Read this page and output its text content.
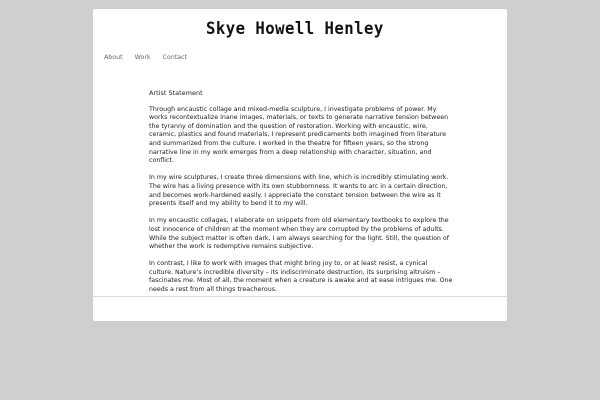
Skye Howell Henley
About Work Contact
Artist Statement

Through encaustic collage and mixed-media sculpture, I investigate problems of power. My works recontextualize inane images, materials, or texts to generate narrative tension between the tyranny of domination and the question of restoration. Working with encaustic, wire, ceramic, plastics and found materials, I represent predicaments both imagined from literature and summarized from the culture. I worked in the theatre for fifteen years, so the strong narrative line in my work emerges from a deep relationship with character, situation, and conflict.

In my wire sculptures, I create three dimensions with line, which is incredibly stimulating work. The wire has a living presence with its own stubbornness. It wants to arc in a certain direction, and becomes work-hardened easily. I appreciate the constant tension between the wire as it presents itself and my ability to bend it to my will.

In my encaustic collages, I elaborate on snippets from old elementary textbooks to explore the lost innocence of children at the moment when they are corrupted by the problems of adults. While the subject matter is often dark, I am always searching for the light. Still, the question of whether the work is redemptive remains subjective.

In contrast, I like to work with images that might bring joy to, or at least resist, a cynical culture. Nature’s incredible diversity – its indiscriminate destruction, its surprising altruism – fascinates me. Most of all, the moment when a creature is awake and at ease intrigues me. One needs a rest from all things treacherous.
